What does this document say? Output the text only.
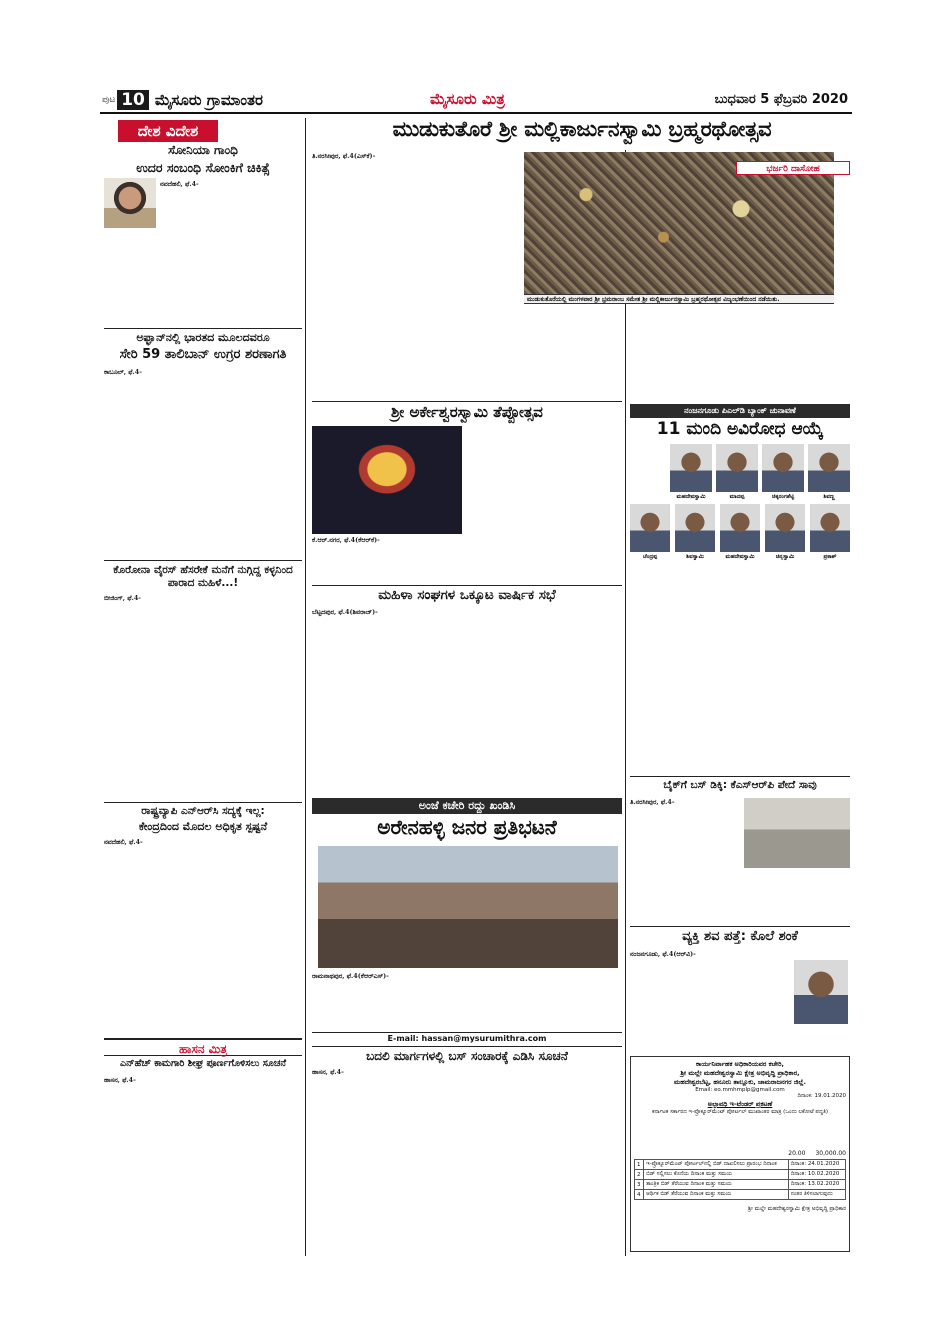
ಪುಟ 10 ಮೈಸೂರು ಗ್ರಾಮಾಂತರ	ಮೈಸೂರು ಮಿತ್ರ	ಬುಧವಾರ 5 ಫೆಬ್ರವರಿ 2020
ದೇಶ ವಿದೇಶ
ಸೋನಿಯಾ ಗಾಂಧಿ
ಉದರ ಸಂಬಂಧಿ ಸೋಂಕಿಗೆ ಚಿಕಿತ್ಸೆ
ನವದೆಹಲಿ, ಫೆ.4-
ಅಫ್ಘಾನ್‌ನಲ್ಲಿ ಭಾರತದ ಮೂಲದವರೂ
ಸೇರಿ 59 ತಾಲಿಬಾನ್ ಉಗ್ರರ ಶರಣಾಗತಿ
ಕಾಬೂಲ್, ಫೆ.4-
ಕೊರೋನಾ ವೈರಸ್ ಹೆಸರೇಕೆ ಮನೆಗೆ ನುಗ್ಗಿದ್ದ ಕಳ್ಳನಿಂದ ಪಾರಾದ ಮಹಿಳೆ...!
ಬೀಜಿಂಗ್, ಫೆ.4-
ರಾಷ್ಟ್ರವ್ಯಾಪಿ ಎನ್‌ಆರ್‌ಸಿ ಸದ್ಯಕ್ಕೆ ಇಲ್ಲ:
ಕೇಂದ್ರದಿಂದ ಮೊದಲ ಅಧಿಕೃತ ಸ್ಪಷ್ಟನೆ
ನವದೆಹಲಿ, ಫೆ.4-
ಹಾಸನ ಮಿತ್ರ
ಎನ್‌ಹೆಚ್ ಕಾಮಗಾರಿ ಶೀಘ್ರ ಪೂರ್ಣಗೊಳಿಸಲು ಸೂಚನೆ
ಹಾಸನ, ಫೆ.4-
ಮುಡುಕುತೊರೆ ಶ್ರೀ ಮಲ್ಲಿಕಾರ್ಜುನಸ್ವಾಮಿ ಬ್ರಹ್ಮರಥೋತ್ಸವ
ತಿ.ನರಸೀಪುರ, ಫೆ.4(ಎಸ್‌ಕೆ)-
ಮುಡುಕುತೊರೆಯಲ್ಲಿ ಮಂಗಳವಾರ ಶ್ರೀ ಭ್ರಮರಾಂಬ ಸಮೇತ ಶ್ರೀ ಮಲ್ಲಿಕಾರ್ಜುನಸ್ವಾಮಿ ಬ್ರಹ್ಮರಥೋತ್ಸವ ವಿಜೃಂಭಣೆಯಿಂದ ನಡೆಯಿತು.
ಶ್ರೀ ಅರ್ಕೇಶ್ವರಸ್ವಾಮಿ ತೆಪ್ಪೋತ್ಸವ
ಕೆ.ಆರ್.ನಗರ, ಫೆ.4(ಕೆಆರ್‌ಕೆ)-
ಮಹಿಳಾ ಸಂಘಗಳ ಒಕ್ಕೂಟ ವಾರ್ಷಿಕ ಸಭೆ
ಬೆಟ್ಟದಪುರ, ಫೆ.4(ಶಿವರಾಜ್)-
ಅಂಜೆ ಕಚೇರಿ ರದ್ದು ಖಂಡಿಸಿ
ಅರೇನಹಳ್ಳಿ ಜನರ ಪ್ರತಿಭಟನೆ
ರಾಮನಾಥಪುರ, ಫೆ.4(ಕೆಆರ್‌ಎಸ್)-
E-mail: hassan@mysurumithra.com
ಬದಲಿ ಮಾರ್ಗಗಳಲ್ಲಿ ಬಸ್ ಸಂಚಾರಕ್ಕೆ ಎಡಿಸಿ ಸೂಚನೆ
ಹಾಸನ, ಫೆ.4-
ಭರ್ಜರಿ ದಾಸೋಹ
ನಂಜನಗೂಡು ಪಿಎಲ್‌ಡಿ ಬ್ಯಾಂಕ್ ಚುನಾವಣೆ
11 ಮಂದಿ ಅವಿರೋಧ ಆಯ್ಕೆ
ಮಹದೇವಸ್ವಾಮಿ	ಮಾದಪ್ಪ	ಚಿಕ್ಕರಂಗಶೆಟ್ಟಿ	ಶಿವಣ್ಣ
ಚೆಂದ್ರಪ್ಪ	ಶಿವಸ್ವಾಮಿ	ಮಹದೇವಸ್ವಾಮಿ	ಚಿನ್ನಸ್ವಾಮಿ	ಪ್ರಕಾಶ್
ಬೈಕ್‌ಗೆ ಬಸ್ ಡಿಕ್ಕಿ: ಕೆಎಸ್‌ಆರ್‌ಪಿ ಪೇದೆ ಸಾವು
ತಿ.ನರಸೀಪುರ, ಫೆ.4-
ವ್ಯಕ್ತಿ ಶವ ಪತ್ತೆ: ಕೊಲೆ ಶಂಕೆ
ನಂಜನಗೂಡು, ಫೆ.4(ಆರ್‌ವಿ)-
ಕಾರ್ಯನಿರ್ವಾಹಕ ಅಧಿಕಾರಿಯವರ ಕಚೇರಿ,
ಶ್ರೀ ಮಲ್ಲೇ ಮಹದೇಶ್ವರಸ್ವಾಮಿ ಕ್ಷೇತ್ರ ಅಭಿವೃದ್ಧಿ ಪ್ರಾಧಿಕಾರ,
ಮಹದೇಶ್ವರಬೆಟ್ಟ, ಹನೂರು ತಾಲ್ಲೂಕು, ಚಾಮರಾಜನಗರ ಜಿಲ್ಲೆ.
Email: eo.mmhmplp@gmail.com
ದಿನಾಂಕ: 19.01.2020
ಅಲ್ಪಾವಧಿ ಇ-ಟೆಂಡರ್ ಪ್ರಕಟಣೆ
ಕರ್ನಾಟಕ ಸರ್ಕಾರದ ಇ-ಪ್ರೊಕ್ಯೂರ್‌ಮೆಂಟ್ ಪೋರ್ಟಲ್ ಮುಖಾಂತರ ಮಾತ್ರ (ಒಂದು ಲಕೋಟೆ ಪದ್ಧತಿ)
20.00 30,000.00
1	ಇ-ಪ್ರೊಕ್ಯೂರ್‌ಮೆಂಟ್ ಪೋರ್ಟಲ್‌ನಲ್ಲಿ ಬಿಡ್ ದಾಖಲಿಸಲು ಪ್ರಾರಂಭ ದಿನಾಂಕ	ದಿನಾಂಕ: 24.01.2020
2	ಬಿಡ್ ಸಲ್ಲಿಸಲು ಕೊನೆಯ ದಿನಾಂಕ ಮತ್ತು ಸಮಯ	ದಿನಾಂಕ: 10.02.2020
3	ತಾಂತ್ರಿಕ ಬಿಡ್ ತೆರೆಯುವ ದಿನಾಂಕ ಮತ್ತು ಸಮಯ	ದಿನಾಂಕ: 13.02.2020
4	ಆರ್ಥಿಕ ಬಿಡ್ ತೆರೆಯುವ ದಿನಾಂಕ ಮತ್ತು ಸಮಯ	ನಂತರ ತಿಳಿಸಲಾಗುವುದು
ಶ್ರೀ ಮಲ್ಲೇ ಮಹದೇಶ್ವರಸ್ವಾಮಿ ಕ್ಷೇತ್ರ ಅಭಿವೃದ್ಧಿ ಪ್ರಾಧಿಕಾರ
